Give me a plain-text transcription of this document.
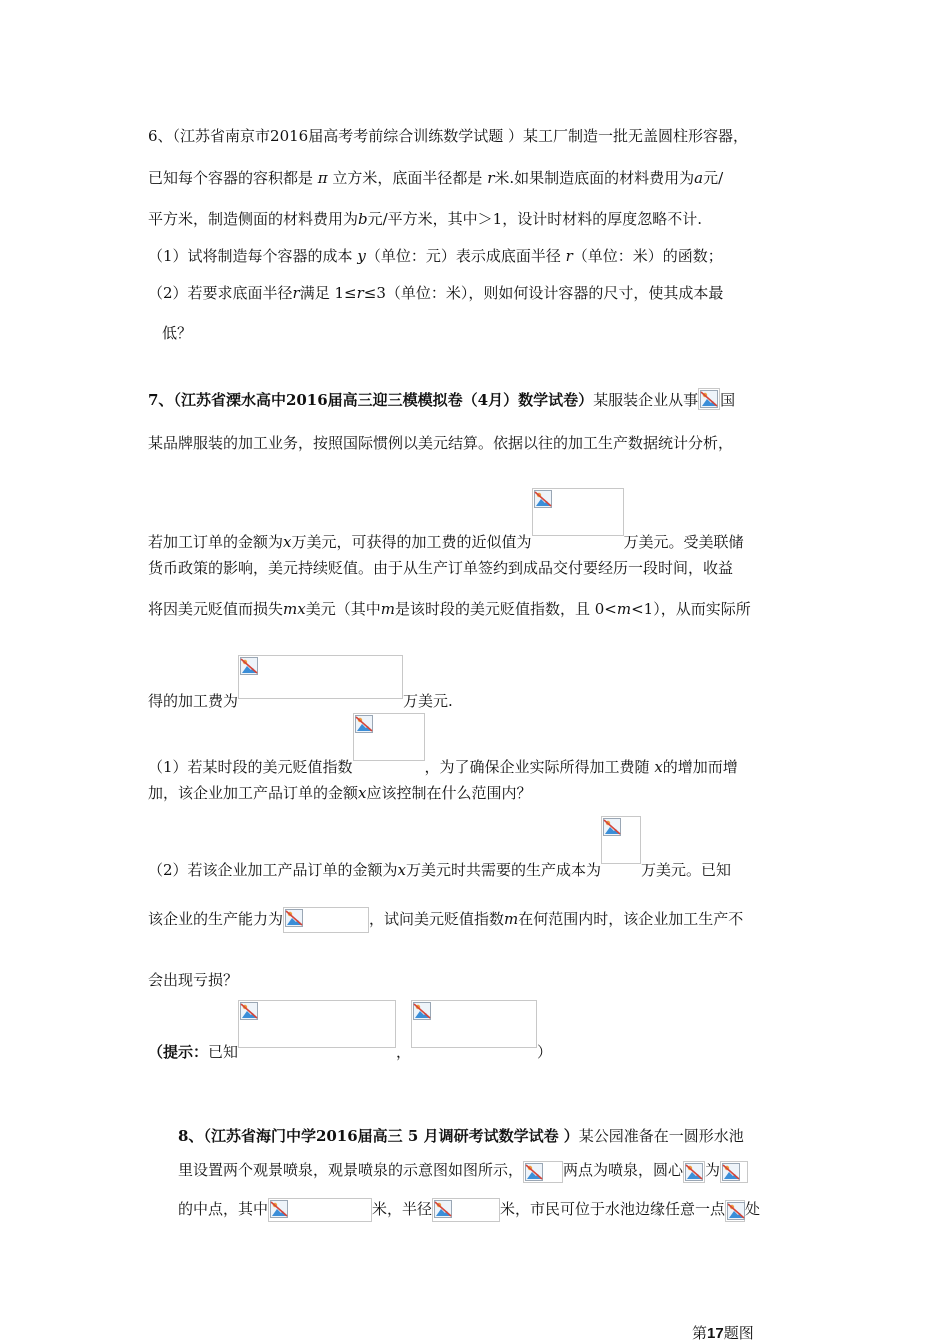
6、（江苏省南京市2016届高考考前综合训练数学试题 ）某工厂制造一批无盖圆柱形容器，
已知每个容器的容积都是 π 立方米，底面半径都是 r米.如果制造底面的材料费用为a元/
平方米，制造侧面的材料费用为b元/平方米，其中＞1，设计时材料的厚度忽略不计.
（1）试将制造每个容器的成本 y（单位：元）表示成底面半径 r（单位：米）的函数；
（2）若要求底面半径r满足 1≤r≤3（单位：米），则如何设计容器的尺寸，使其成本最
低？
7、（江苏省溧水高中2016届高三迎三模模拟卷（4月）数学试卷）某服装企业从事 国
某品牌服装的加工业务，按照国际惯例以美元结算。依据以往的加工生产数据统计分析，
若加工订单的金额为x万美元，可获得的加工费的近似值为	万美元。受美联储
货币政策的影响，美元持续贬值。由于从生产订单签约到成品交付要经历一段时间，收益
将因美元贬值而损失mx美元（其中m是该时段的美元贬值指数，且 0<m<1），从而实际所
得的加工费为	万美元.
（1）若某时段的美元贬值指数	，为了确保企业实际所得加工费随 x的增加而增
加，该企业加工产品订单的金额x应该控制在什么范围内？
（2）若该企业加工产品订单的金额为x万美元时共需要的生产成本为	万美元。已知
该企业的生产能力为	，试问美元贬值指数m在何范围内时，该企业加工生产不
会出现亏损？
（提示：已知	，	）
8、（江苏省海门中学2016届高三 5 月调研考试数学试卷 ）某公园准备在一圆形水池
里设置两个观景喷泉，观景喷泉的示意图如图所示，	两点为喷泉，圆心 为
的中点，其中	米，半径	米，市民可位于水池边缘任意一点 处
第17题图
